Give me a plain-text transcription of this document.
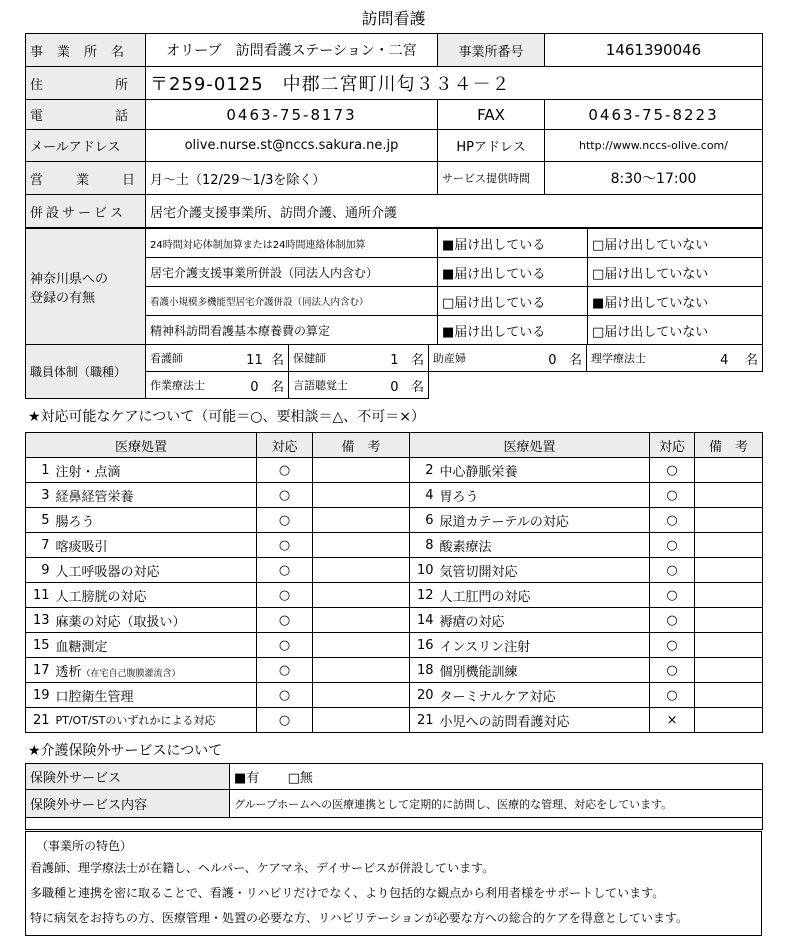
訪問看護
事業所名	オリーブ　訪問看護ステーション・二宮	事業所番号	1461390046
住所	〒259-0125　中郡二宮町川匂３３４－２		
電話	0463-75-8173	FAX	0463-75-8223
メールアドレス	olive.nurse.st@nccs.sakura.ne.jp	HPアドレス	http://www.nccs-olive.com/
営業日	月～土（12/29～1/3を除く）	サービス提供時間	8:30～17:00
併設サービス	居宅介護支援事業所、訪問介護、通所介護		
神奈川県への
登録の有無	24時間対応体制加算または24時間連絡体制加算	■届け出している	□届け出していない
	居宅介護支援事業所併設（同法人内含む）	■届け出している	□届け出していない
	看護小規模多機能型居宅介護併設（同法人内含む）	□届け出している	■届け出していない
	精神科訪問看護基本療養費の算定	■届け出している	□届け出していない
職員体制（職種）	看護師	11 名	保健師	1 名	助産婦	0 名	理学療法士	4 名
	作業療法士	0 名	言語聴覚士	0 名				
★対応可能なケアについて（可能＝○、要相談＝△、不可＝×）
医療処置		対応	備　考	医療処置		対応	備　考
1	注射・点滴	○		2	中心静脈栄養	○	
3	経鼻経管栄養	○		4	胃ろう	○	
5	腸ろう	○		6	尿道カテーテルの対応	○	
7	喀痰吸引	○		8	酸素療法	○	
9	人工呼吸器の対応	○		10	気管切開対応	○	
11	人工膀胱の対応	○		12	人工肛門の対応	○	
13	麻薬の対応（取扱い）	○		14	褥瘡の対応	○	
15	血糖測定	○		16	インスリン注射	○	
17	透析（在宅自己腹膜灌流含）	○		18	個別機能訓練	○	
19	口腔衛生管理	○		20	ターミナルケア対応	○	
21	PT/OT/STのいずれかによる対応	○		21	小児への訪問看護対応	×	
★介護保険外サービスについて
保険外サービス	■有 □無
保険外サービス内容	グループホームへの医療連携として定期的に訪問し、医療的な管理、対応をしています。

（事業所の特色）

看護師、理学療法士が在籍し、ヘルパー、ケアマネ、デイサービスが併設しています。

多職種と連携を密に取ることで、看護・リハビリだけでなく、より包括的な観点から利用者様をサポートしています。

特に病気をお持ちの方、医療管理・処置の必要な方、リハビリテーションが必要な方への総合的ケアを得意としています。
